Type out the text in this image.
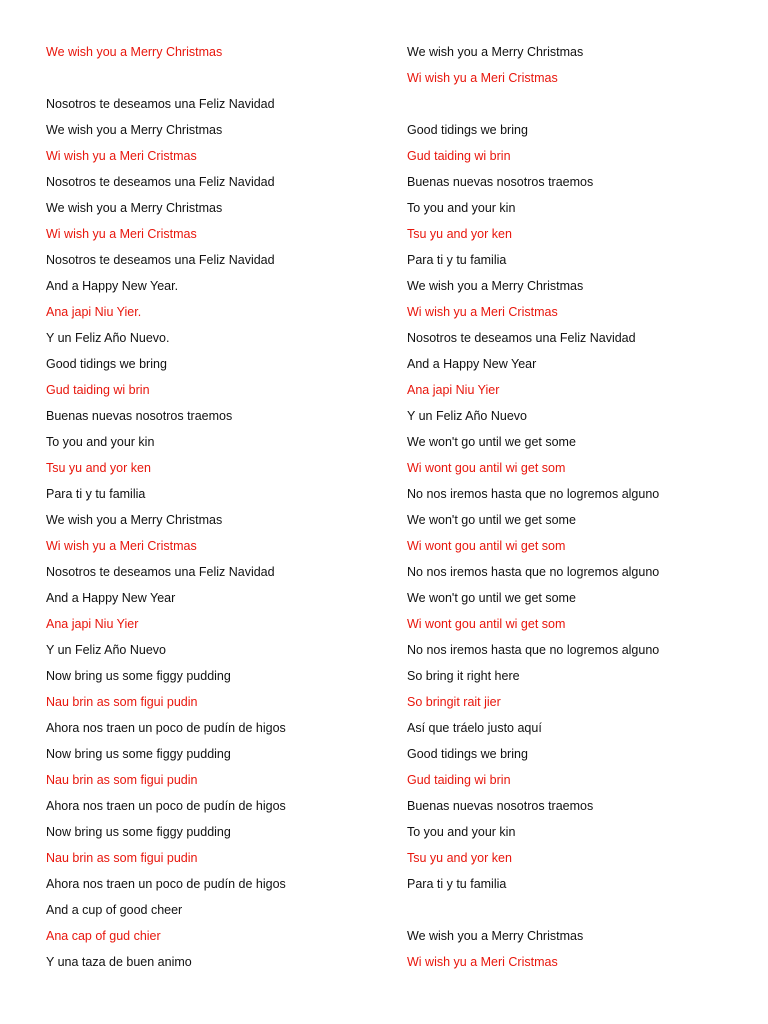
We wish you a Merry Christmas
Nosotros te deseamos una Feliz Navidad
We wish you a Merry Christmas
Wi wish yu a Meri Cristmas
Nosotros te deseamos una Feliz Navidad
We wish you a Merry Christmas
Wi wish yu a Meri Cristmas
Nosotros te deseamos una Feliz Navidad
And a Happy New Year.
Ana japi Niu Yier.
Y un Feliz Año Nuevo.
Good tidings we bring
Gud taiding wi brin
Buenas nuevas nosotros traemos
To you and your kin
Tsu yu and yor ken
Para ti y tu familia
We wish you a Merry Christmas
Wi wish yu a Meri Cristmas
Nosotros te deseamos una Feliz Navidad
And a Happy New Year
Ana japi Niu Yier
Y un Feliz Año Nuevo
Now bring us some figgy pudding
Nau brin as som figui pudin
Ahora nos traen un poco de pudín de higos
Now bring us some figgy pudding
Nau brin as som figui pudin
Ahora nos traen un poco de pudín de higos
Now bring us some figgy pudding
Nau brin as som figui pudin
Ahora nos traen un poco de pudín de higos
And a cup of good cheer
Ana cap of gud chier
Y una taza de buen animo
We wish you a Merry Christmas
Wi wish yu a Meri Cristmas
Good tidings we bring
Gud taiding wi brin
Buenas nuevas nosotros traemos
To you and your kin
Tsu yu and yor ken
Para ti y tu familia
We wish you a Merry Christmas
Wi wish yu a Meri Cristmas
Nosotros te deseamos una Feliz Navidad
And a Happy New Year
Ana japi Niu Yier
Y un Feliz Año Nuevo
We won't go until we get some
Wi wont gou antil wi get som
No nos iremos hasta que no logremos alguno
We won't go until we get some
Wi wont gou antil wi get som
No nos iremos hasta que no logremos alguno
We won't go until we get some
Wi wont gou antil wi get som
No nos iremos hasta que no logremos alguno
So bring it right here
So bringit rait jier
Así que tráelo justo aquí
Good tidings we bring
Gud taiding wi brin
Buenas nuevas nosotros traemos
To you and your kin
Tsu yu and yor ken
Para ti y tu familia
We wish you a Merry Christmas
Wi wish yu a Meri Cristmas
